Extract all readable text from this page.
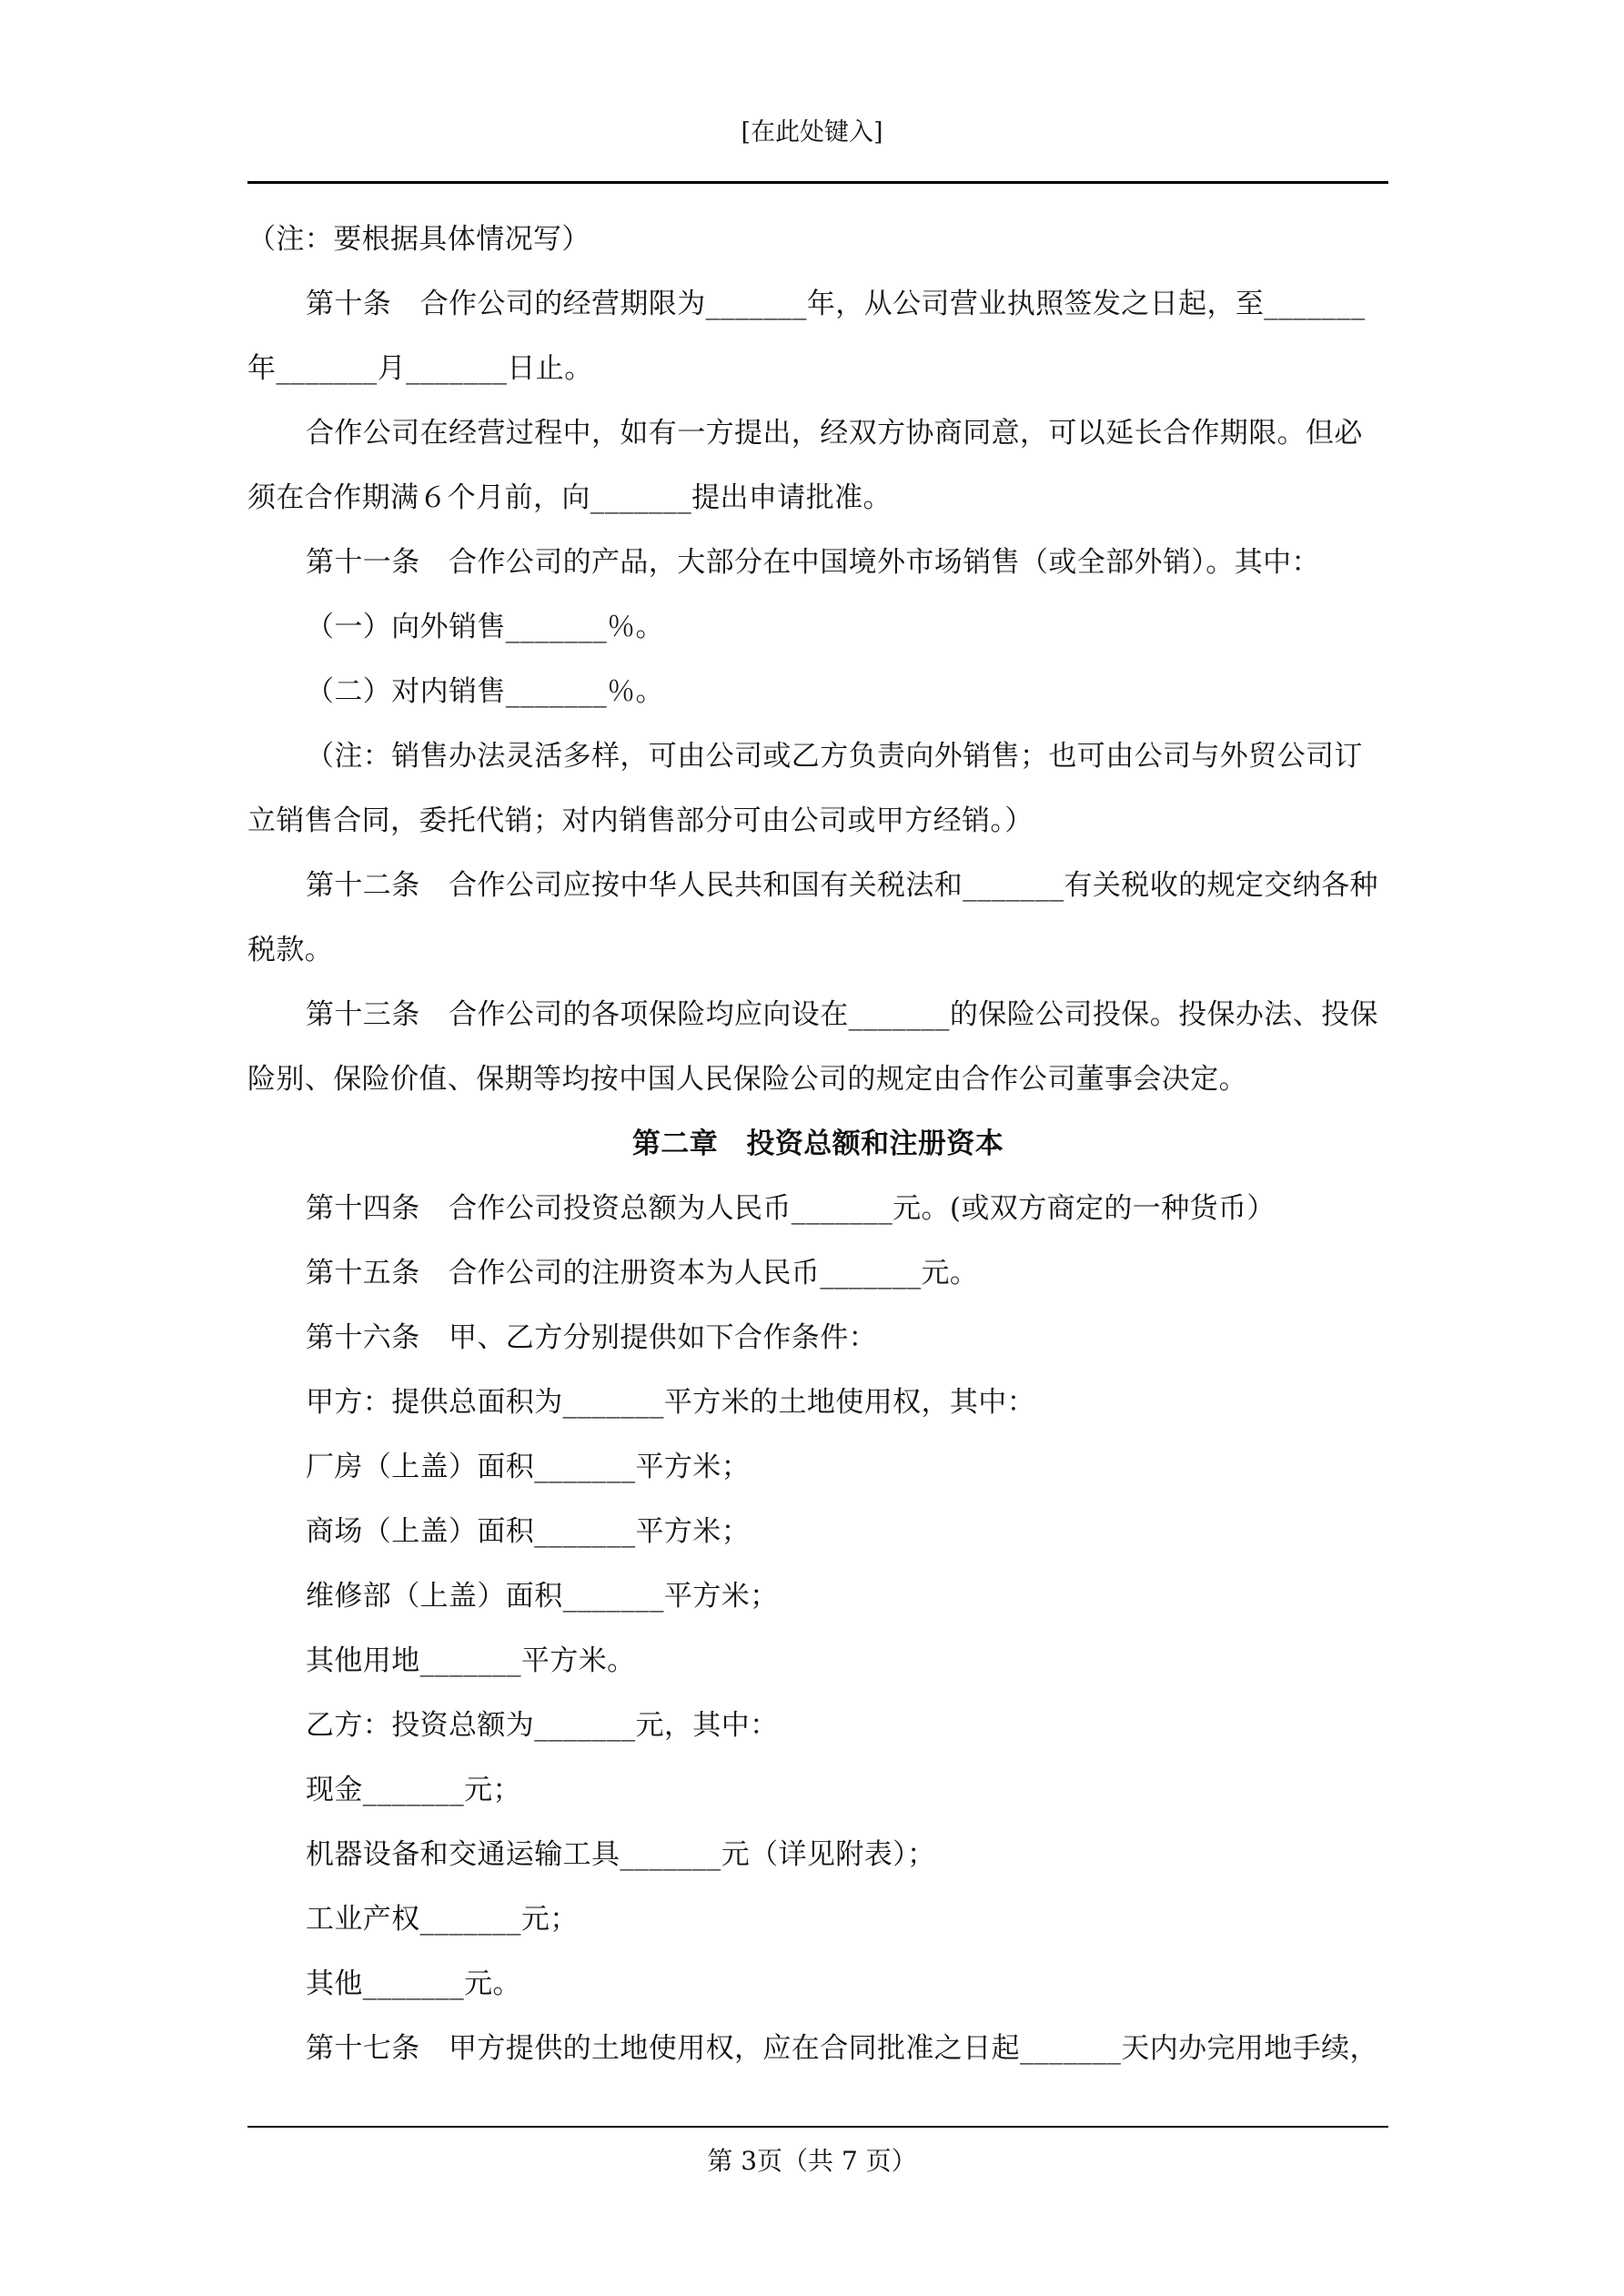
[在此处键入]

（注：要根据具体情况写）

第十条　合作公司的经营期限为_______年，从公司营业执照签发之日起，至_______年_______月_______日止。

合作公司在经营过程中，如有一方提出，经双方协商同意，可以延长合作期限。但必须在合作期满６个月前，向_______提出申请批准。

第十一条　合作公司的产品，大部分在中国境外市场销售（或全部外销）。其中：

（一）向外销售_______％。

（二）对内销售_______％。

（注：销售办法灵活多样，可由公司或乙方负责向外销售；也可由公司与外贸公司订立销售合同，委托代销；对内销售部分可由公司或甲方经销。）

第十二条　合作公司应按中华人民共和国有关税法和_______有关税收的规定交纳各种税款。

第十三条　合作公司的各项保险均应向设在_______的保险公司投保。投保办法、投保险别、保险价值、保期等均按中国人民保险公司的规定由合作公司董事会决定。

第二章　投资总额和注册资本

第十四条　合作公司投资总额为人民币_______元。(或双方商定的一种货币）

第十五条　合作公司的注册资本为人民币_______元。

第十六条　甲、乙方分别提供如下合作条件：

甲方：提供总面积为_______平方米的土地使用权，其中：

厂房（上盖）面积_______平方米；

商场（上盖）面积_______平方米；

维修部（上盖）面积_______平方米；

其他用地_______平方米。

乙方：投资总额为_______元，其中：

现金_______元；

机器设备和交通运输工具_______元（详见附表）；

工业产权_______元；

其他_______元。

第十七条　甲方提供的土地使用权，应在合同批准之日起_______天内办完用地手续，

第 3页（共 7 页）
